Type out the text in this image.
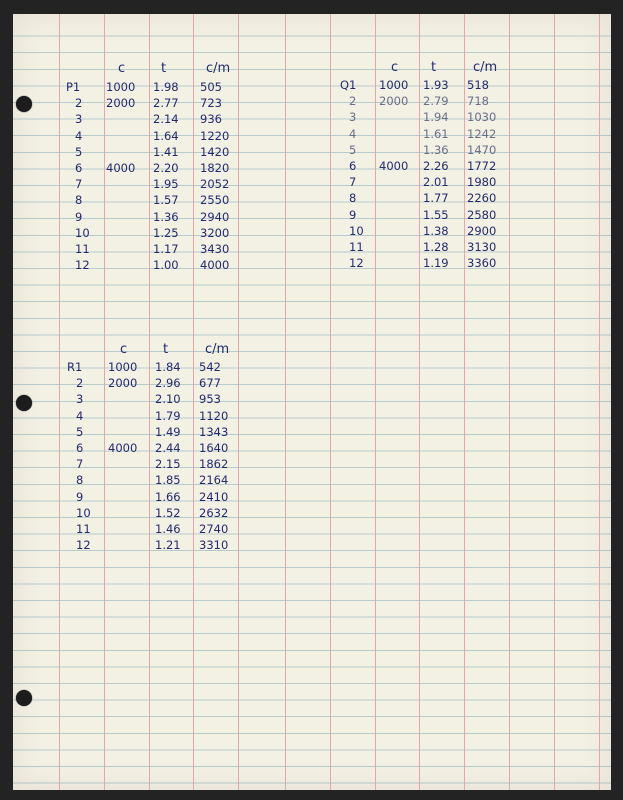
c	t	c/m
P1 1000 1.98 505
2 2000 2.77 723
3	2.14 936
4	1.64 1220
5	1.41 1420
6 4000 2.20 1820
7	1.95 2052
8	1.57 2550
9	1.36 2940
10	1.25 3200
11	1.17 3430
12	1.00 4000
c	t	c/m
Q1 1000 1.93 518
2 2000 2.79 718
3	1.94 1030
4	1.61 1242
5	1.36 1470
6 4000 2.26 1772
7	2.01 1980
8	1.77 2260
9	1.55 2580
10	1.38 2900
11	1.28 3130
12	1.19 3360
c	t	c/m
R1 1000 1.84 542
2 2000 2.96 677
3	2.10 953
4	1.79 1120
5	1.49 1343
6 4000 2.44 1640
7	2.15 1862
8	1.85 2164
9	1.66 2410
10	1.52 2632
11	1.46 2740
12	1.21 3310
